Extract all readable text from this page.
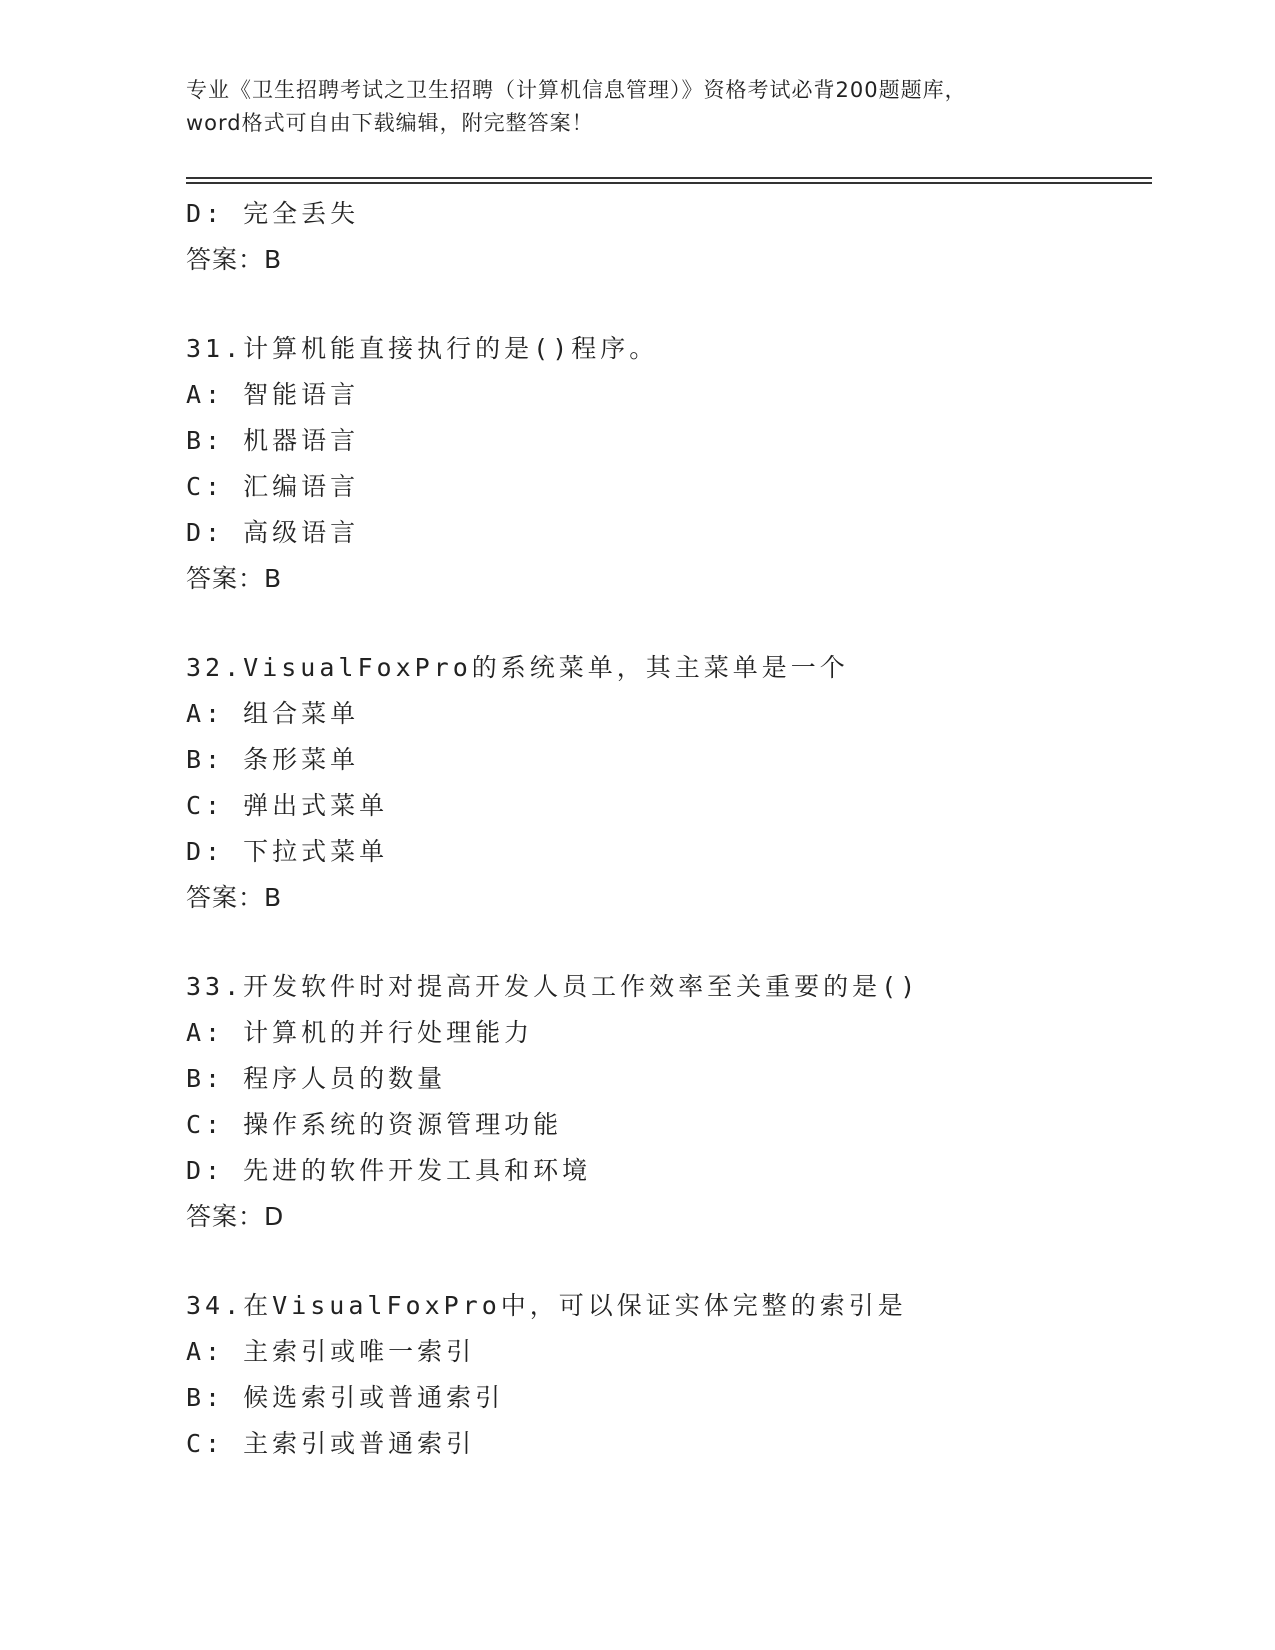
专业《卫生招聘考试之卫生招聘（计算机信息管理）》资格考试必背200题题库，
word格式可自由下载编辑，附完整答案！
D: 完全丢失
答案：B
31.计算机能直接执行的是()程序。
A: 智能语言
B: 机器语言
C: 汇编语言
D: 高级语言
答案：B
32.VisualFoxPro的系统菜单，其主菜单是一个
A: 组合菜单
B: 条形菜单
C: 弹出式菜单
D: 下拉式菜单
答案：B
33.开发软件时对提高开发人员工作效率至关重要的是()
A: 计算机的并行处理能力
B: 程序人员的数量
C: 操作系统的资源管理功能
D: 先进的软件开发工具和环境
答案：D
34.在VisualFoxPro中，可以保证实体完整的索引是
A: 主索引或唯一索引
B: 候选索引或普通索引
C: 主索引或普通索引
